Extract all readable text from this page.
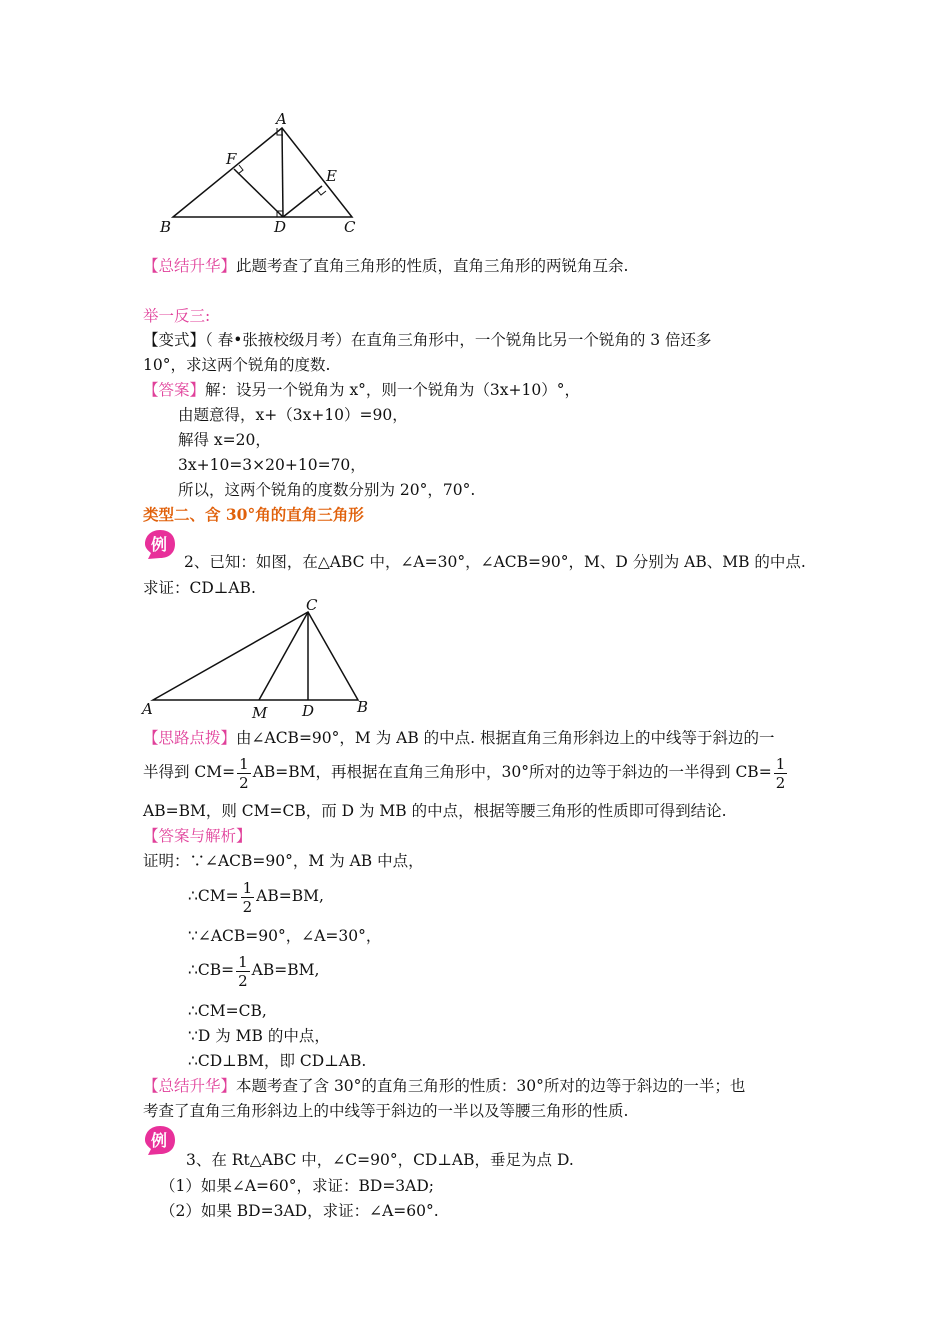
A
B	C
D
E
F
【总结升华】此题考查了直角三角形的性质，直角三角形的两锐角互余.
举一反三:
【变式】（ 春•张掖校级月考）在直角三角形中，一个锐角比另一个锐角的 3 倍还多
10°，求这两个锐角的度数.
【答案】解：设另一个锐角为 x°，则一个锐角为（3x+10）°，
由题意得，x+（3x+10）=90，
解得 x=20，
3x+10=3×20+10=70，
所以，这两个锐角的度数分别为 20°，70°.
类型二、含 30°角的直角三角形
例
2、已知：如图，在△ABC 中，∠A=30°，∠ACB=90°，M、D 分别为 AB、MB 的中点.
求证：CD⊥AB.
C
A	B
M D
【思路点拨】由∠ACB=90°，M 为 AB 的中点. 根据直角三角形斜边上的中线等于斜边的一
半得到 $CM= \frac{1}{2} AB=BM$，再根据在直角三角形中，30°所对的边等于斜边的一半得到 $CB= \frac{1}{2}$
AB=BM，则 CM=CB，而 D 为 MB 的中点，根据等腰三角形的性质即可得到结论.
【答案与解析】
证明：∵∠ACB=90°，M 为 AB 中点，
∴CM= $\frac{1}{2} AB=BM$,
∵∠ACB=90°，∠A=30°，
∴CB= $\frac{1}{2} AB=BM$,
∴CM=CB,
∵D 为 MB 的中点，
∴CD⊥BM，即 CD⊥AB.
【总结升华】本题考查了含 30°的直角三角形的性质：30°所对的边等于斜边的一半；也
考查了直角三角形斜边上的中线等于斜边的一半以及等腰三角形的性质.
例
3、在 Rt△ABC 中，∠C=90°，CD⊥AB，垂足为点 D.
（1）如果∠A=60°，求证：BD=3AD;
（2）如果 BD=3AD，求证：∠A=60°.
